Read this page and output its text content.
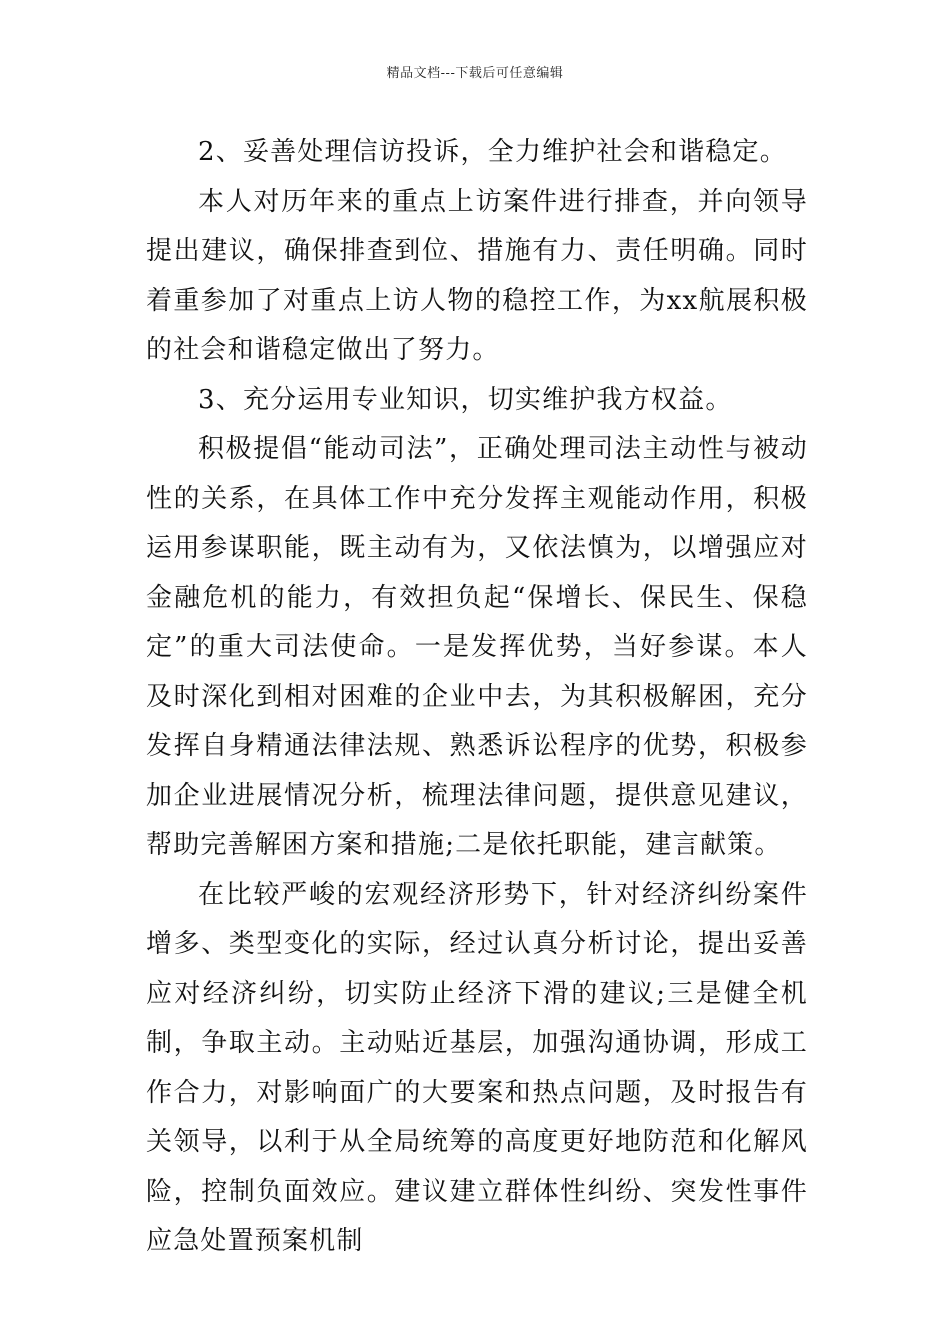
精品文档---下载后可任意编辑

2、妥善处理信访投诉，全力维护社会和谐稳定。

本人对历年来的重点上访案件进行排查，并向领导提出建议，确保排查到位、措施有力、责任明确。同时着重参加了对重点上访人物的稳控工作，为xx航展积极的社会和谐稳定做出了努力。

3、充分运用专业知识，切实维护我方权益。

积极提倡“能动司法”，正确处理司法主动性与被动性的关系，在具体工作中充分发挥主观能动作用，积极运用参谋职能，既主动有为，又依法慎为，以增强应对金融危机的能力，有效担负起“保增长、保民生、保稳定”的重大司法使命。一是发挥优势，当好参谋。本人及时深化到相对困难的企业中去，为其积极解困，充分发挥自身精通法律法规、熟悉诉讼程序的优势，积极参加企业进展情况分析，梳理法律问题，提供意见建议，帮助完善解困方案和措施;二是依托职能，建言献策。

在比较严峻的宏观经济形势下，针对经济纠纷案件增多、类型变化的实际，经过认真分析讨论，提出妥善应对经济纠纷，切实防止经济下滑的建议;三是健全机制，争取主动。主动贴近基层，加强沟通协调，形成工作合力，对影响面广的大要案和热点问题，及时报告有关领导，以利于从全局统筹的高度更好地防范和化解风险，控制负面效应。建议建立群体性纠纷、突发性事件应急处置预案机制
